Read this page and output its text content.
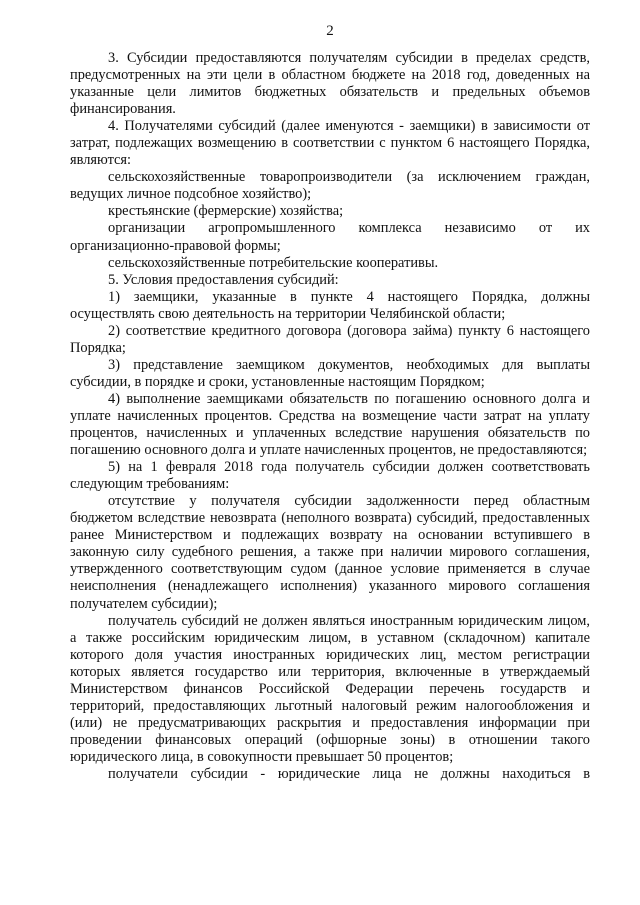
2

3. Субсидии предоставляются получателям субсидии в пределах средств, предусмотренных на эти цели в областном бюджете на 2018 год, доведенных на указанные цели лимитов бюджетных обязательств и предельных объемов финансирования.

4. Получателями субсидий (далее именуются - заемщики) в зависимости от затрат, подлежащих возмещению в соответствии с пунктом 6 настоящего Порядка, являются:

сельскохозяйственные товаропроизводители (за исключением граждан, ведущих личное подсобное хозяйство);

крестьянские (фермерские) хозяйства;

организации агропромышленного комплекса независимо от их организационно-правовой формы;

сельскохозяйственные потребительские кооперативы.

5. Условия предоставления субсидий:

1) заемщики, указанные в пункте 4 настоящего Порядка, должны осуществлять свою деятельность на территории Челябинской области;

2) соответствие кредитного договора (договора займа) пункту 6 настоящего Порядка;

3) представление заемщиком документов, необходимых для выплаты субсидии, в порядке и сроки, установленные настоящим Порядком;

4) выполнение заемщиками обязательств по погашению основного долга и уплате начисленных процентов. Средства на возмещение части затрат на уплату процентов, начисленных и уплаченных вследствие нарушения обязательств по погашению основного долга и уплате начисленных процентов, не предоставляются;

5) на 1 февраля 2018 года получатель субсидии должен соответствовать следующим требованиям:

отсутствие у получателя субсидии задолженности перед областным бюджетом вследствие невозврата (неполного возврата) субсидий, предоставленных ранее Министерством и подлежащих возврату на основании вступившего в законную силу судебного решения, а также при наличии мирового соглашения, утвержденного соответствующим судом (данное условие применяется в случае неисполнения (ненадлежащего исполнения) указанного мирового соглашения получателем субсидии);

получатель субсидий не должен являться иностранным юридическим лицом, а также российским юридическим лицом, в уставном (складочном) капитале которого доля участия иностранных юридических лиц, местом регистрации которых является государство или территория, включенные в утверждаемый Министерством финансов Российской Федерации перечень государств и территорий, предоставляющих льготный налоговый режим налогообложения и (или) не предусматривающих раскрытия и предоставления информации при проведении финансовых операций (офшорные зоны) в отношении такого юридического лица, в совокупности превышает 50 процентов;

получатели субсидии - юридические лица не должны находиться в
